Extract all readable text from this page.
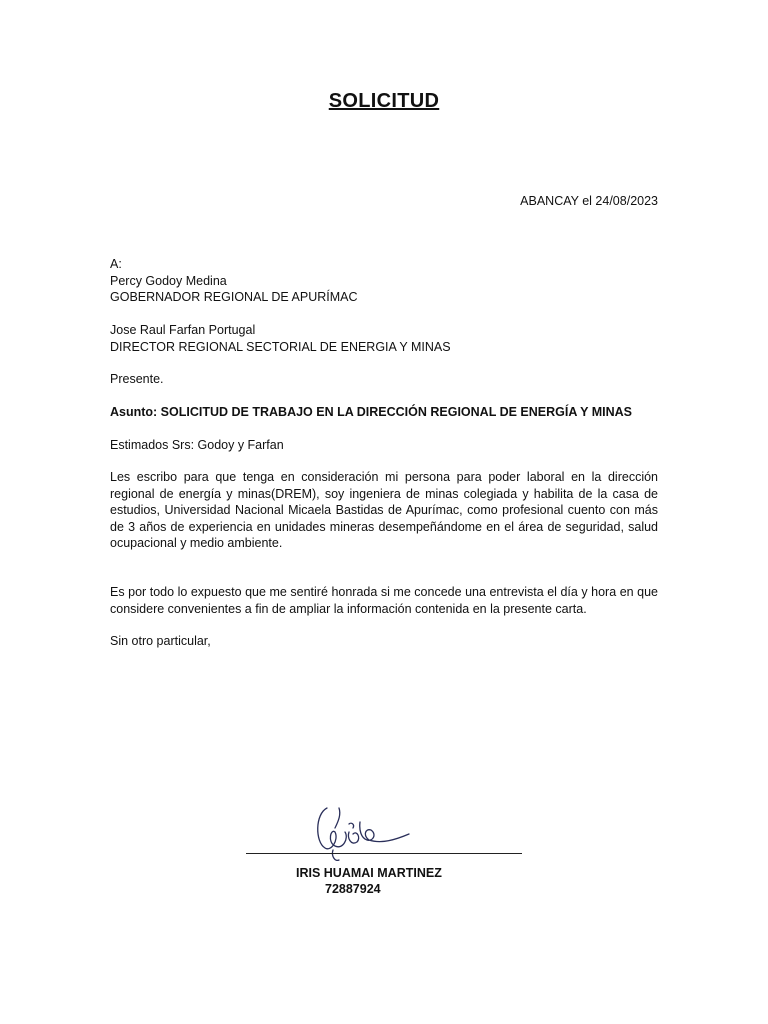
SOLICITUD
ABANCAY el 24/08/2023
A:
Percy Godoy Medina
GOBERNADOR REGIONAL DE APURÍMAC
Jose Raul Farfan Portugal
DIRECTOR REGIONAL SECTORIAL DE ENERGIA Y MINAS
Presente.
Asunto: SOLICITUD DE TRABAJO EN LA DIRECCIÓN REGIONAL DE ENERGÍA Y MINAS
Estimados Srs: Godoy y Farfan
Les escribo para que tenga en consideración mi persona para poder laboral en la dirección regional de energía y minas(DREM), soy ingeniera de minas colegiada y habilita de la casa de estudios, Universidad Nacional Micaela Bastidas de Apurímac, como profesional cuento con más de 3 años de experiencia en unidades mineras desempeñándome en el área de seguridad, salud ocupacional y medio ambiente.
Es por todo lo expuesto que me sentiré honrada si me concede una entrevista el día y hora en que considere convenientes a fin de ampliar la información contenida en la presente carta.
Sin otro particular,
IRIS HUAMAI MARTINEZ
72887924
